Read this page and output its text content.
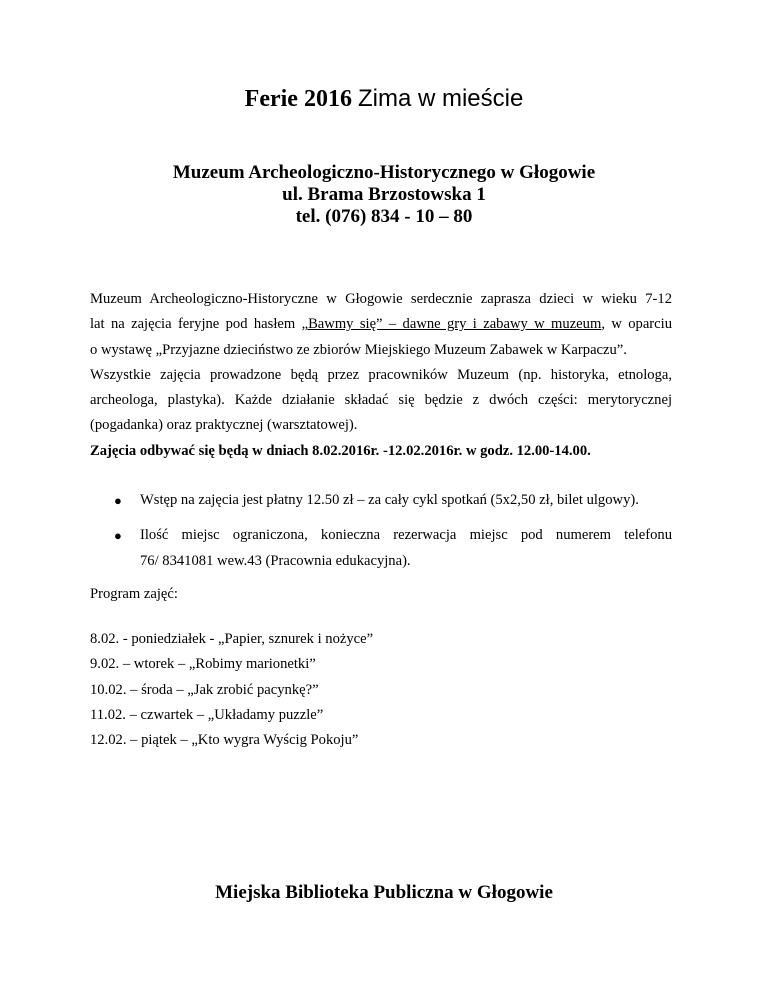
Ferie 2016 Zima w mieście
Muzeum Archeologiczno-Historycznego w Głogowie
ul. Brama Brzostowska 1
tel. (076) 834 - 10 – 80
Muzeum Archeologiczno-Historyczne w Głogowie serdecznie zaprasza dzieci w wieku 7-12
lat na zajęcia feryjne pod hasłem „Bawmy się” – dawne gry i zabawy w muzeum, w oparciu
o wystawę „Przyjazne dzieciństwo ze zbiorów Miejskiego Muzeum Zabawek w Karpaczu”.
Wszystkie zajęcia prowadzone będą przez pracowników Muzeum (np. historyka, etnologa,
archeologa, plastyka). Każde działanie składać się będzie z dwóch części: merytorycznej
(pogadanka) oraz praktycznej (warsztatowej).
Zajęcia odbywać się będą w dniach 8.02.2016r. -12.02.2016r. w godz. 12.00-14.00.
● Wstęp na zajęcia jest płatny 12.50 zł – za cały cykl spotkań (5x2,50 zł, bilet ulgowy).
● Ilość miejsc ograniczona, konieczna rezerwacja miejsc pod numerem telefonu
76/ 8341081 wew.43 (Pracownia edukacyjna).
Program zajęć:
8.02. - poniedziałek - „Papier, sznurek i nożyce”
9.02. – wtorek – „Robimy marionetki”
10.02. – środa – „Jak zrobić pacynkę?”
11.02. – czwartek – „Układamy puzzle”
12.02. – piątek – „Kto wygra Wyścig Pokoju”
Miejska Biblioteka Publiczna w Głogowie
